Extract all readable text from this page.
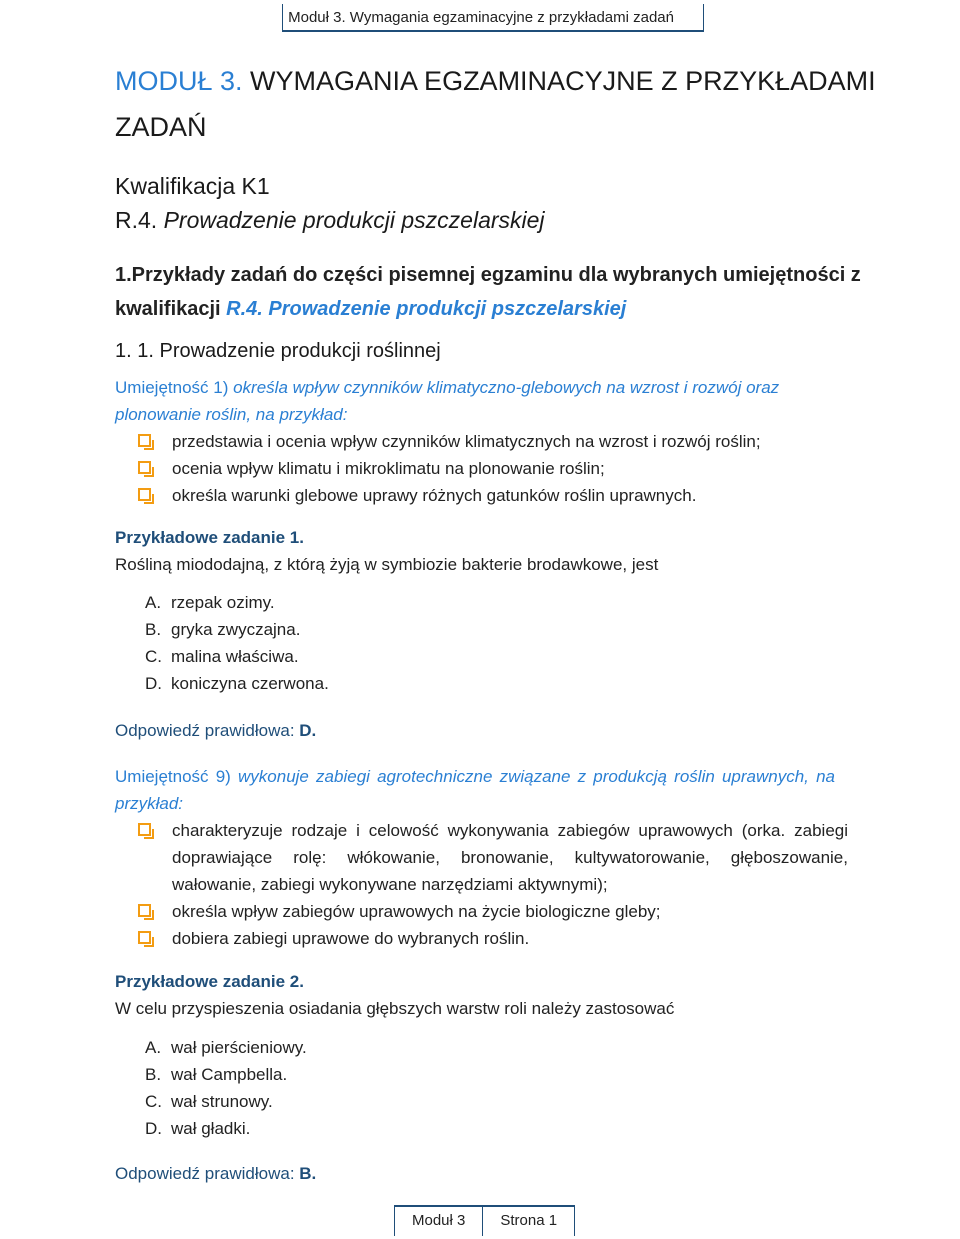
Moduł 3. Wymagania egzaminacyjne z przykładami zadań
MODUŁ 3. WYMAGANIA EGZAMINACYJNE Z PRZYKŁADAMI ZADAŃ
Kwalifikacja K1
R.4. Prowadzenie produkcji pszczelarskiej
1.Przykłady zadań do części pisemnej egzaminu dla wybranych umiejętności z kwalifikacji R.4. Prowadzenie produkcji pszczelarskiej
1. 1. Prowadzenie produkcji roślinnej
Umiejętność 1) określa wpływ czynników klimatyczno-glebowych na wzrost i rozwój oraz plonowanie roślin, na przykład:
przedstawia i ocenia wpływ czynników klimatycznych na wzrost i rozwój roślin;
ocenia wpływ klimatu i mikroklimatu na plonowanie roślin;
określa warunki glebowe uprawy różnych gatunków roślin uprawnych.
Przykładowe zadanie 1.
Rośliną miododajną, z którą żyją w symbiozie bakterie brodawkowe, jest
A. rzepak ozimy.
B. gryka zwyczajna.
C. malina właściwa.
D. koniczyna czerwona.
Odpowiedź prawidłowa: D.
Umiejętność 9) wykonuje zabiegi agrotechniczne związane z produkcją roślin uprawnych, na przykład:
charakteryzuje rodzaje i celowość wykonywania zabiegów uprawowych (orka. zabiegi doprawiające rolę: włókowanie, bronowanie, kultywatorowanie, głęboszowanie, wałowanie, zabiegi wykonywane narzędziami aktywnymi);
określa wpływ zabiegów uprawowych na życie biologiczne gleby;
dobiera zabiegi uprawowe do wybranych roślin.
Przykładowe zadanie 2.
W celu przyspieszenia osiadania głębszych warstw roli należy zastosować
A. wał pierścieniowy.
B. wał Campbella.
C. wał strunowy.
D. wał gładki.
Odpowiedź prawidłowa: B.
Moduł 3	Strona 1
